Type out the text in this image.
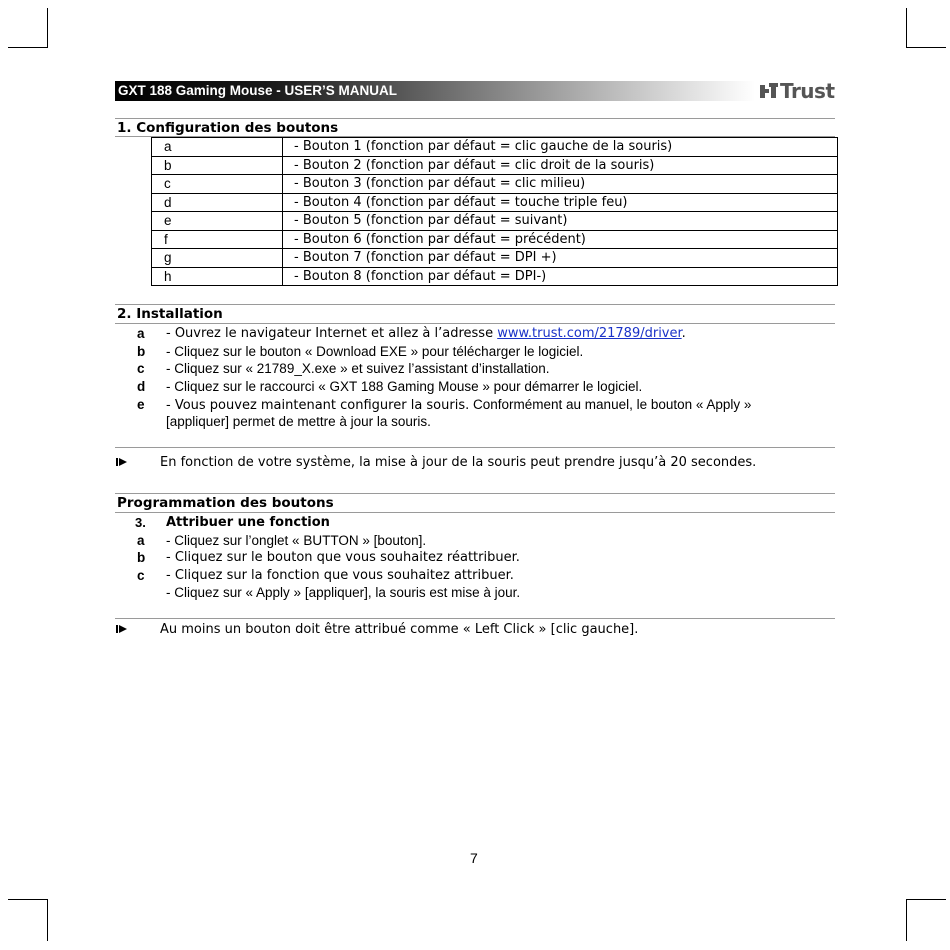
GXT 188 Gaming Mouse - USER’S MANUAL	Trust
1. Configuration des boutons
a	- Bouton 1 (fonction par défaut = clic gauche de la souris)
b	- Bouton 2 (fonction par défaut = clic droit de la souris)
c	- Bouton 3 (fonction par défaut = clic milieu)
d	- Bouton 4 (fonction par défaut = touche triple feu)
e	- Bouton 5 (fonction par défaut = suivant)
f	- Bouton 6 (fonction par défaut = précédent)
g	- Bouton 7 (fonction par défaut = DPI +)
h	- Bouton 8 (fonction par défaut = DPI-)
2. Installation
a - Ouvrez le navigateur Internet et allez à l’adresse www.trust.com/21789/driver.
b - Cliquez sur le bouton « Download EXE » pour télécharger le logiciel.
c - Cliquez sur « 21789_X.exe » et suivez l’assistant d’installation.
d - Cliquez sur le raccourci « GXT 188 Gaming Mouse » pour démarrer le logiciel.
e - Vous pouvez maintenant configurer la souris. Conformément au manuel, le bouton « Apply »
[appliquer] permet de mettre à jour la souris.
En fonction de votre système, la mise à jour de la souris peut prendre jusqu’à 20 secondes.
Programmation des boutons
3. Attribuer une fonction
a - Cliquez sur l’onglet « BUTTON » [bouton].
b - Cliquez sur le bouton que vous souhaitez réattribuer.
c - Cliquez sur la fonction que vous souhaitez attribuer.
- Cliquez sur « Apply » [appliquer], la souris est mise à jour.
Au moins un bouton doit être attribué comme « Left Click » [clic gauche].
7
